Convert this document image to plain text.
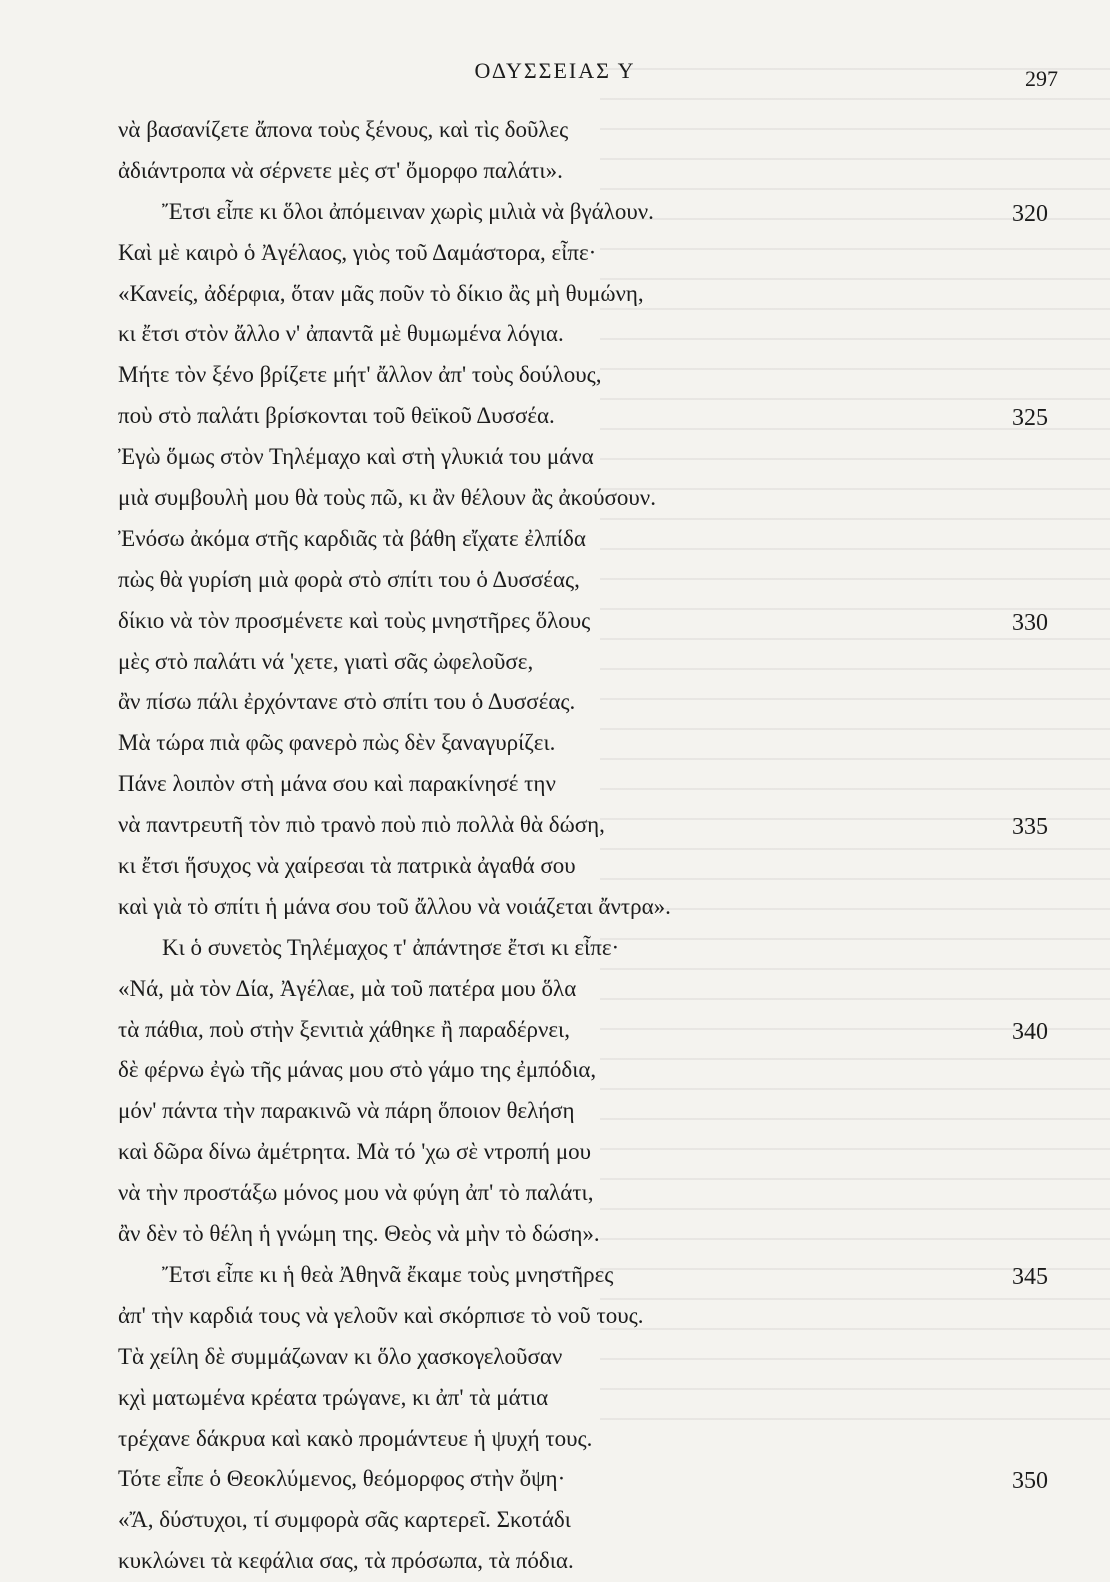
ΟΔΥΣΣΕΙΑΣ Υ	297
νὰ βασανίζετε ἄπονα τοὺς ξένους, καὶ τὶς δοῦλες
ἀδιάντροπα νὰ σέρνετε μὲς στ' ὄμορφο παλάτι».
Ἔτσι εἶπε κι ὅλοι ἀπόμειναν χωρὶς μιλιὰ νὰ βγάλουν.	320
Καὶ μὲ καιρὸ ὁ Ἀγέλαος, γιὸς τοῦ Δαμάστορα, εἶπε·
«Κανείς, ἀδέρφια, ὅταν μᾶς ποῦν τὸ δίκιο ἂς μὴ θυμώνη,
κι ἔτσι στὸν ἄλλο ν' ἀπαντᾶ μὲ θυμωμένα λόγια.
Μήτε τὸν ξένο βρίζετε μήτ' ἄλλον ἀπ' τοὺς δούλους,
ποὺ στὸ παλάτι βρίσκονται τοῦ θεϊκοῦ Δυσσέα.	325
Ἐγὼ ὅμως στὸν Τηλέμαχο καὶ στὴ γλυκιά του μάνα
μιὰ συμβουλὴ μου θὰ τοὺς πῶ, κι ἂν θέλουν ἂς ἀκούσουν.
Ἐνόσω ἀκόμα στῆς καρδιᾶς τὰ βάθη εἴχατε ἐλπίδα
πὼς θὰ γυρίση μιὰ φορὰ στὸ σπίτι του ὁ Δυσσέας,
δίκιο νὰ τὸν προσμένετε καὶ τοὺς μνηστῆρες ὅλους	330
μὲς στὸ παλάτι νά 'χετε, γιατὶ σᾶς ὠφελοῦσε,
ἂν πίσω πάλι ἐρχόντανε στὸ σπίτι του ὁ Δυσσέας.
Μὰ τώρα πιὰ φῶς φανερὸ πὼς δὲν ξαναγυρίζει.
Πάνε λοιπὸν στὴ μάνα σου καὶ παρακίνησέ την
νὰ παντρευτῆ τὸν πιὸ τρανὸ ποὺ πιὸ πολλὰ θὰ δώση,	335
κι ἔτσι ἥσυχος νὰ χαίρεσαι τὰ πατρικὰ ἀγαθά σου
καὶ γιὰ τὸ σπίτι ἡ μάνα σου τοῦ ἄλλου νὰ νοιάζεται ἄντρα».
Κι ὁ συνετὸς Τηλέμαχος τ' ἀπάντησε ἔτσι κι εἶπε·
«Νά, μὰ τὸν Δία, Ἀγέλαε, μὰ τοῦ πατέρα μου ὅλα
τὰ πάθια, ποὺ στὴν ξενιτιὰ χάθηκε ἢ παραδέρνει,	340
δὲ φέρνω ἐγὼ τῆς μάνας μου στὸ γάμο της ἐμπόδια,
μόν' πάντα τὴν παρακινῶ νὰ πάρη ὅποιον θελήση
καὶ δῶρα δίνω ἀμέτρητα. Μὰ τό 'χω σὲ ντροπή μου
νὰ τὴν προστάξω μόνος μου νὰ φύγη ἀπ' τὸ παλάτι,
ἂν δὲν τὸ θέλη ἡ γνώμη της. Θεὸς νὰ μὴν τὸ δώση».
Ἔτσι εἶπε κι ἡ θεὰ Ἀθηνᾶ ἔκαμε τοὺς μνηστῆρες	345
ἀπ' τὴν καρδιά τους νὰ γελοῦν καὶ σκόρπισε τὸ νοῦ τους.
Τὰ χείλη δὲ συμμάζωναν κι ὅλο χασκογελοῦσαν
κχὶ ματωμένα κρέατα τρώγανε, κι ἀπ' τὰ μάτια
τρέχανε δάκρυα καὶ κακὸ προμάντευε ἡ ψυχή τους.
Τότε εἶπε ὁ Θεοκλύμενος, θεόμορφος στὴν ὄψη·	350
«Ἄ, δύστυχοι, τί συμφορὰ σᾶς καρτερεῖ. Σκοτάδι
κυκλώνει τὰ κεφάλια σας, τὰ πρόσωπα, τὰ πόδια.
